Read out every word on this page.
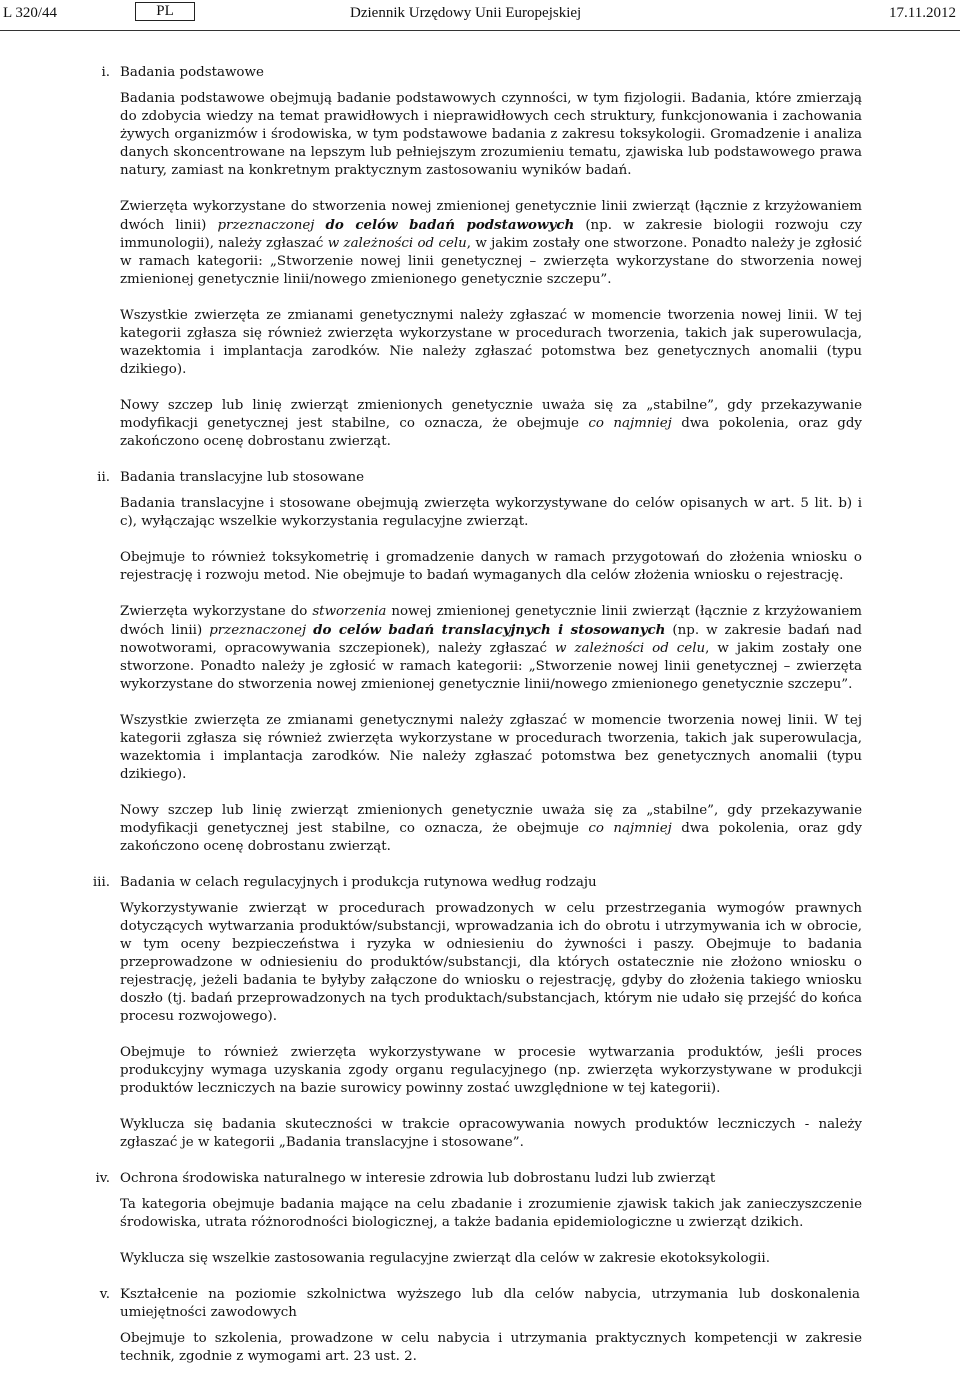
L 320/44	PL	Dziennik Urzędowy Unii Europejskiej	17.11.2012
i. Badania podstawowe

Badania podstawowe obejmują badanie podstawowych czynności, w tym fizjologii. Badania, które zmierzają do zdobycia wiedzy na temat prawidłowych i nieprawidłowych cech struktury, funkcjonowania i zachowania żywych organizmów i środowiska, w tym podstawowe badania z zakresu toksykologii. Gromadzenie i analiza danych skoncentrowane na lepszym lub pełniejszym zrozumieniu tematu, zjawiska lub podstawowego prawa natury, zamiast na konkretnym praktycznym zastosowaniu wyników badań.

Zwierzęta wykorzystane do stworzenia nowej zmienionej genetycznie linii zwierząt (łącznie z krzyżowaniem dwóch linii) przeznaczonej do celów badań podstawowych (np. w zakresie biologii rozwoju czy immunologii), należy zgłaszać w zależności od celu, w jakim zostały one stworzone. Ponadto należy je zgłosić w ramach kategorii: „Stworzenie nowej linii genetycznej – zwierzęta wykorzystane do stworzenia nowej zmienionej genetycznie linii/nowego zmienionego genetycznie szczepu”.

Wszystkie zwierzęta ze zmianami genetycznymi należy zgłaszać w momencie tworzenia nowej linii. W tej kategorii zgłasza się również zwierzęta wykorzystane w procedurach tworzenia, takich jak superowulacja, wazektomia i implantacja zarodków. Nie należy zgłaszać potomstwa bez genetycznych anomalii (typu dzikiego).

Nowy szczep lub linię zwierząt zmienionych genetycznie uważa się za „stabilne”, gdy przekazywanie modyfikacji genetycznej jest stabilne, co oznacza, że obejmuje co najmniej dwa pokolenia, oraz gdy zakończono ocenę dobrostanu zwierząt.

ii. Badania translacyjne lub stosowane

Badania translacyjne i stosowane obejmują zwierzęta wykorzystywane do celów opisanych w art. 5 lit. b) i c), wyłączając wszelkie wykorzystania regulacyjne zwierząt.

Obejmuje to również toksykometrię i gromadzenie danych w ramach przygotowań do złożenia wniosku o rejestrację i rozwoju metod. Nie obejmuje to badań wymaganych dla celów złożenia wniosku o rejestrację.

Zwierzęta wykorzystane do stworzenia nowej zmienionej genetycznie linii zwierząt (łącznie z krzyżowaniem dwóch linii) przeznaczonej do celów badań translacyjnych i stosowanych (np. w zakresie badań nad nowotworami, opracowywania szczepionek), należy zgłaszać w zależności od celu, w jakim zostały one stworzone. Ponadto należy je zgłosić w ramach kategorii: „Stworzenie nowej linii genetycznej – zwierzęta wykorzystane do stworzenia nowej zmienionej genetycznie linii/nowego zmienionego genetycznie szczepu”.

Wszystkie zwierzęta ze zmianami genetycznymi należy zgłaszać w momencie tworzenia nowej linii. W tej kategorii zgłasza się również zwierzęta wykorzystane w procedurach tworzenia, takich jak superowulacja, wazektomia i implantacja zarodków. Nie należy zgłaszać potomstwa bez genetycznych anomalii (typu dzikiego).

Nowy szczep lub linię zwierząt zmienionych genetycznie uważa się za „stabilne”, gdy przekazywanie modyfikacji genetycznej jest stabilne, co oznacza, że obejmuje co najmniej dwa pokolenia, oraz gdy zakończono ocenę dobrostanu zwierząt.

iii. Badania w celach regulacyjnych i produkcja rutynowa według rodzaju

Wykorzystywanie zwierząt w procedurach prowadzonych w celu przestrzegania wymogów prawnych dotyczących wytwarzania produktów/substancji, wprowadzania ich do obrotu i utrzymywania ich w obrocie, w tym oceny bezpieczeństwa i ryzyka w odniesieniu do żywności i paszy. Obejmuje to badania przeprowadzone w odniesieniu do produktów/substancji, dla których ostatecznie nie złożono wniosku o rejestrację, jeżeli badania te byłyby załączone do wniosku o rejestrację, gdyby do złożenia takiego wniosku doszło (tj. badań przeprowadzonych na tych produktach/substancjach, którym nie udało się przejść do końca procesu rozwojowego).

Obejmuje to również zwierzęta wykorzystywane w procesie wytwarzania produktów, jeśli proces produkcyjny wymaga uzyskania zgody organu regulacyjnego (np. zwierzęta wykorzystywane w produkcji produktów leczniczych na bazie surowicy powinny zostać uwzględnione w tej kategorii).

Wyklucza się badania skuteczności w trakcie opracowywania nowych produktów leczniczych - należy zgłaszać je w kategorii „Badania translacyjne i stosowane”.

iv. Ochrona środowiska naturalnego w interesie zdrowia lub dobrostanu ludzi lub zwierząt

Ta kategoria obejmuje badania mające na celu zbadanie i zrozumienie zjawisk takich jak zanieczyszczenie środowiska, utrata różnorodności biologicznej, a także badania epidemiologiczne u zwierząt dzikich.

Wyklucza się wszelkie zastosowania regulacyjne zwierząt dla celów w zakresie ekotoksykologii.

v. Kształcenie na poziomie szkolnictwa wyższego lub dla celów nabycia, utrzymania lub doskonalenia umiejętności zawodowych

Obejmuje to szkolenia, prowadzone w celu nabycia i utrzymania praktycznych kompetencji w zakresie technik, zgodnie z wymogami art. 23 ust. 2.
